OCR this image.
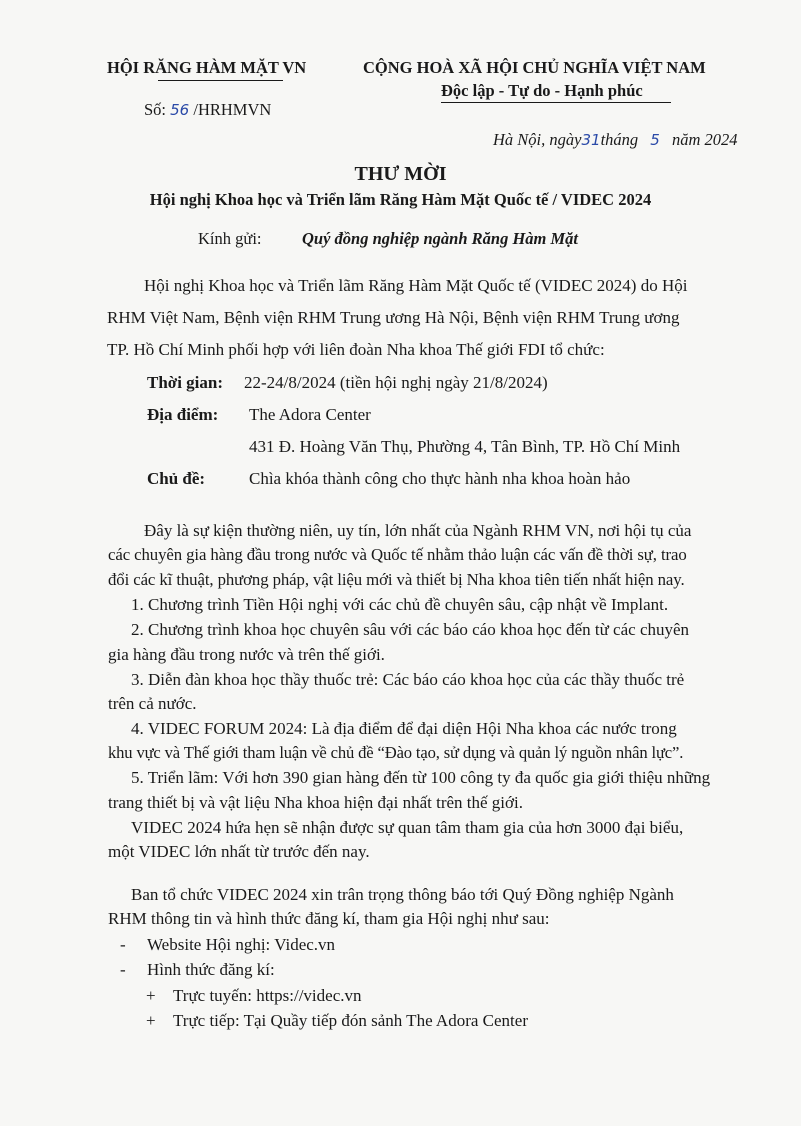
HỘI RĂNG HÀM MẶT VN	CỘNG HOÀ XÃ HỘI CHỦ NGHĨA VIỆT NAM
Độc lập - Tự do - Hạnh phúc
Số: 56 /HRHMVN
Hà Nội, ngày31tháng 5 năm 2024
THƯ MỜI
Hội nghị Khoa học và Triển lãm Răng Hàm Mặt Quốc tế / VIDEC 2024
Kính gửi: Quý đồng nghiệp ngành Răng Hàm Mặt
Hội nghị Khoa học và Triển lãm Răng Hàm Mặt Quốc tế (VIDEC 2024) do Hội
RHM Việt Nam, Bệnh viện RHM Trung ương Hà Nội, Bệnh viện RHM Trung ương
TP. Hồ Chí Minh phối hợp với liên đoàn Nha khoa Thế giới FDI tổ chức:
Thời gian: 22-24/8/2024 (tiền hội nghị ngày 21/8/2024)
Địa điểm: The Adora Center
431 Đ. Hoàng Văn Thụ, Phường 4, Tân Bình, TP. Hồ Chí Minh
Chủ đề:	Chìa khóa thành công cho thực hành nha khoa hoàn hảo
Đây là sự kiện thường niên, uy tín, lớn nhất của Ngành RHM VN, nơi hội tụ của
các chuyên gia hàng đầu trong nước và Quốc tế nhằm thảo luận các vấn đề thời sự, trao
đổi các kĩ thuật, phương pháp, vật liệu mới và thiết bị Nha khoa tiên tiến nhất hiện nay.
1. Chương trình Tiền Hội nghị với các chủ đề chuyên sâu, cập nhật về Implant.
2. Chương trình khoa học chuyên sâu với các báo cáo khoa học đến từ các chuyên
gia hàng đầu trong nước và trên thế giới.
3. Diễn đàn khoa học thầy thuốc trẻ: Các báo cáo khoa học của các thầy thuốc trẻ
trên cả nước.
4. VIDEC FORUM 2024: Là địa điểm để đại diện Hội Nha khoa các nước trong
khu vực và Thế giới tham luận về chủ đề “Đào tạo, sử dụng và quản lý nguồn nhân lực”.
5. Triển lãm: Với hơn 390 gian hàng đến từ 100 công ty đa quốc gia giới thiệu những
trang thiết bị và vật liệu Nha khoa hiện đại nhất trên thế giới.
VIDEC 2024 hứa hẹn sẽ nhận được sự quan tâm tham gia của hơn 3000 đại biểu,
một VIDEC lớn nhất từ trước đến nay.
Ban tổ chức VIDEC 2024 xin trân trọng thông báo tới Quý Đồng nghiệp Ngành
RHM thông tin và hình thức đăng kí, tham gia Hội nghị như sau:
- Website Hội nghị: Videc.vn
- Hình thức đăng kí:
+ Trực tuyến: https://videc.vn
+ Trực tiếp: Tại Quầy tiếp đón sảnh The Adora Center
